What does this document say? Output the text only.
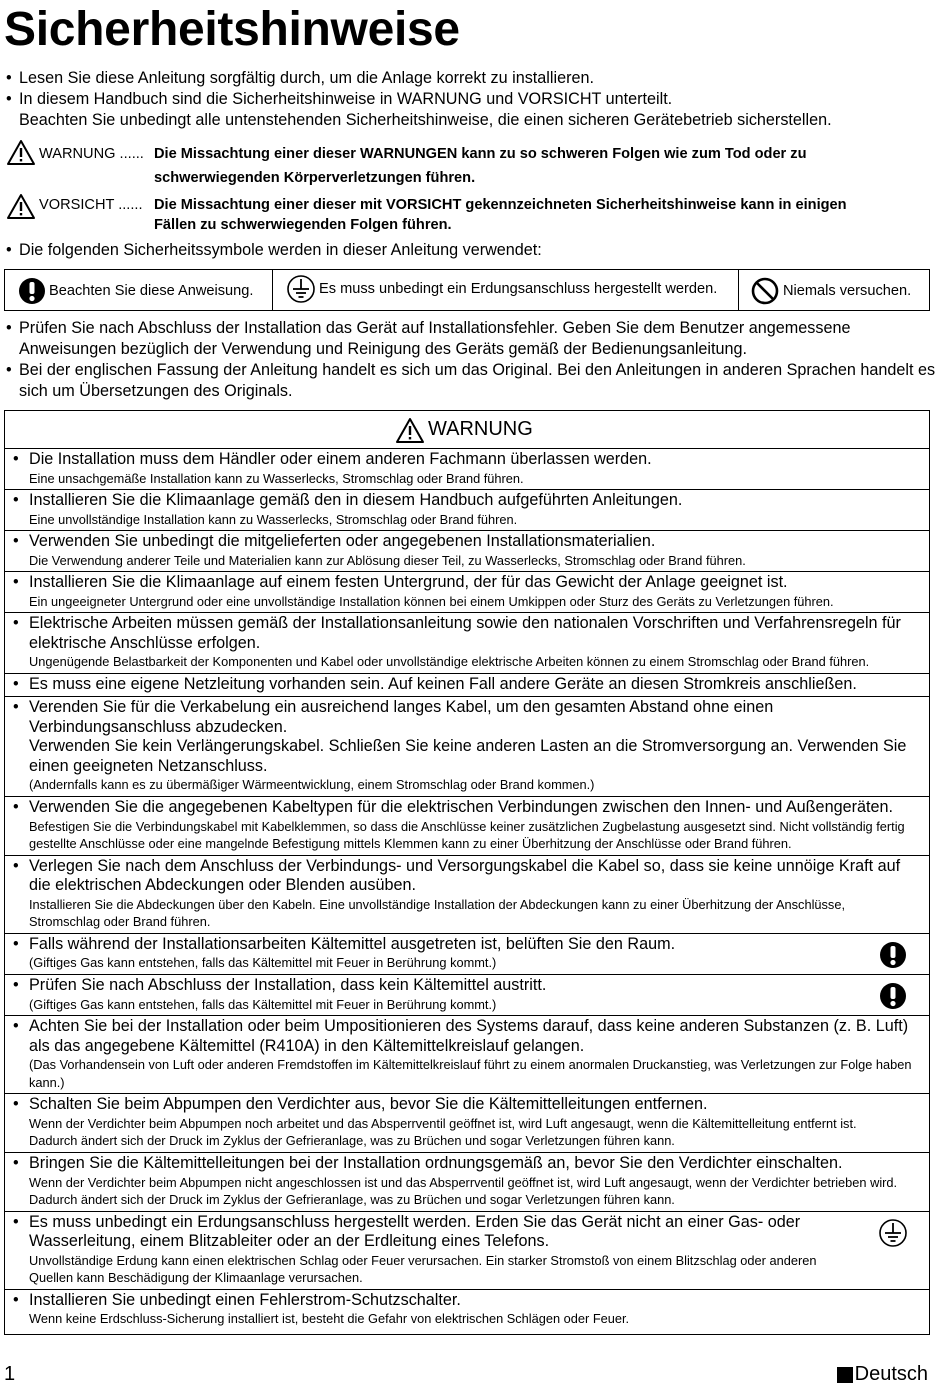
Sicherheitshinweise
• Lesen Sie diese Anleitung sorgfältig durch, um die Anlage korrekt zu installieren.
• In diesem Handbuch sind die Sicherheitshinweise in WARNUNG und VORSICHT unterteilt.
Beachten Sie unbedingt alle untenstehenden Sicherheitshinweise, die einen sicheren Gerätebetrieb sicherstellen.
WARNUNG ...... Die Missachtung einer dieser WARNUNGEN kann zu so schweren Folgen wie zum Tod oder zu
schwerwiegenden Körperverletzungen führen.
VORSICHT ...... Die Missachtung einer dieser mit VORSICHT gekennzeichneten Sicherheitshinweise kann in einigen
Fällen zu schwerwiegenden Folgen führen.
• Die folgenden Sicherheitssymbole werden in dieser Anleitung verwendet:
Beachten Sie diese Anweisung.	Es muss unbedingt ein Erdungsanschluss hergestellt werden.	Niemals versuchen.
• Prüfen Sie nach Abschluss der Installation das Gerät auf Installationsfehler. Geben Sie dem Benutzer angemessene Anweisungen bezüglich der Verwendung und Reinigung des Geräts gemäß der Bedienungsanleitung.
• Bei der englischen Fassung der Anleitung handelt es sich um das Original. Bei den Anleitungen in anderen Sprachen handelt es sich um Übersetzungen des Originals.
WARNUNG
• Die Installation muss dem Händler oder einem anderen Fachmann überlassen werden.
Eine unsachgemäße Installation kann zu Wasserlecks, Stromschlag oder Brand führen.
• Installieren Sie die Klimaanlage gemäß den in diesem Handbuch aufgeführten Anleitungen.
Eine unvollständige Installation kann zu Wasserlecks, Stromschlag oder Brand führen.
• Verwenden Sie unbedingt die mitgelieferten oder angegebenen Installationsmaterialien.
Die Verwendung anderer Teile und Materialien kann zur Ablösung dieser Teil, zu Wasserlecks, Stromschlag oder Brand führen.
• Installieren Sie die Klimaanlage auf einem festen Untergrund, der für das Gewicht der Anlage geeignet ist.
Ein ungeeigneter Untergrund oder eine unvollständige Installation können bei einem Umkippen oder Sturz des Geräts zu Verletzungen führen.
• Elektrische Arbeiten müssen gemäß der Installationsanleitung sowie den nationalen Vorschriften und Verfahrensregeln für elektrische Anschlüsse erfolgen.
Ungenügende Belastbarkeit der Komponenten und Kabel oder unvollständige elektrische Arbeiten können zu einem Stromschlag oder Brand führen.
• Es muss eine eigene Netzleitung vorhanden sein. Auf keinen Fall andere Geräte an diesen Stromkreis anschließen.
• Verenden Sie für die Verkabelung ein ausreichend langes Kabel, um den gesamten Abstand ohne einen Verbindungsanschluss abzudecken.
Verwenden Sie kein Verlängerungskabel. Schließen Sie keine anderen Lasten an die Stromversorgung an. Verwenden Sie einen geeigneten Netzanschluss.
(Andernfalls kann es zu übermäßiger Wärmeentwicklung, einem Stromschlag oder Brand kommen.)
• Verwenden Sie die angegebenen Kabeltypen für die elektrischen Verbindungen zwischen den Innen- und Außengeräten.
Befestigen Sie die Verbindungskabel mit Kabelklemmen, so dass die Anschlüsse keiner zusätzlichen Zugbelastung ausgesetzt sind. Nicht vollständig fertig gestellte Anschlüsse oder eine mangelnde Befestigung mittels Klemmen kann zu einer Überhitzung der Anschlüsse oder Brand führen.
• Verlegen Sie nach dem Anschluss der Verbindungs- und Versorgungskabel die Kabel so, dass sie keine unnöige Kraft auf die elektrischen Abdeckungen oder Blenden ausüben.
Installieren Sie die Abdeckungen über den Kabeln. Eine unvollständige Installation der Abdeckungen kann zu einer Überhitzung der Anschlüsse, Stromschlag oder Brand führen.
• Falls während der Installationsarbeiten Kältemittel ausgetreten ist, belüften Sie den Raum.
(Giftiges Gas kann entstehen, falls das Kältemittel mit Feuer in Berührung kommt.)
• Prüfen Sie nach Abschluss der Installation, dass kein Kältemittel austritt.
(Giftiges Gas kann entstehen, falls das Kältemittel mit Feuer in Berührung kommt.)
• Achten Sie bei der Installation oder beim Umpositionieren des Systems darauf, dass keine anderen Substanzen (z. B. Luft) als das angegebene Kältemittel (R410A) in den Kältemittelkreislauf gelangen.
(Das Vorhandensein von Luft oder anderen Fremdstoffen im Kältemittelkreislauf führt zu einem anormalen Druckanstieg, was Verletzungen zur Folge haben kann.)
• Schalten Sie beim Abpumpen den Verdichter aus, bevor Sie die Kältemittelleitungen entfernen.
Wenn der Verdichter beim Abpumpen noch arbeitet und das Absperrventil geöffnet ist, wird Luft angesaugt, wenn die Kältemittelleitung entfernt ist.
Dadurch ändert sich der Druck im Zyklus der Gefrieranlage, was zu Brüchen und sogar Verletzungen führen kann.
• Bringen Sie die Kältemittelleitungen bei der Installation ordnungsgemäß an, bevor Sie den Verdichter einschalten.
Wenn der Verdichter beim Abpumpen nicht angeschlossen ist und das Absperrventil geöffnet ist, wird Luft angesaugt, wenn der Verdichter betrieben wird.
Dadurch ändert sich der Druck im Zyklus der Gefrieranlage, was zu Brüchen und sogar Verletzungen führen kann.
• Es muss unbedingt ein Erdungsanschluss hergestellt werden. Erden Sie das Gerät nicht an einer Gas- oder Wasserleitung, einem Blitzableiter oder an der Erdleitung eines Telefons.
Unvollständige Erdung kann einen elektrischen Schlag oder Feuer verursachen. Ein starker Stromstoß von einem Blitzschlag oder anderen Quellen kann Beschädigung der Klimaanlage verursachen.
• Installieren Sie unbedingt einen Fehlerstrom-Schutzschalter.
Wenn keine Erdschluss-Sicherung installiert ist, besteht die Gefahr von elektrischen Schlägen oder Feuer.
1	Deutsch
